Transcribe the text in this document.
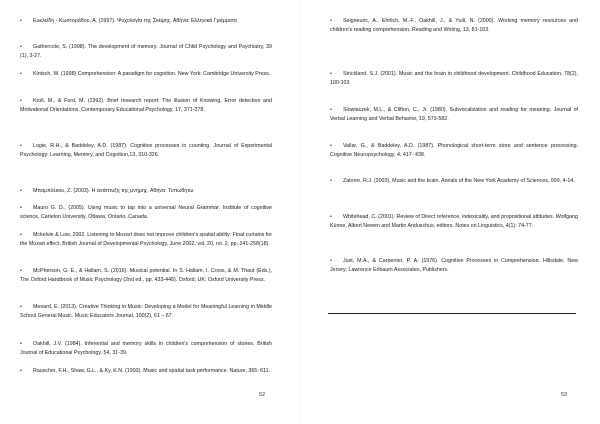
•	Ευκλείδη - Κωστοράδου, Α. (1997). Ψυχολογία της Σκέψης. Αθήνα: Ελληνικά Γράμματα
•	Gathercole, S. (1998). The development of memory. Journal of Child Psychology and Psychiatry, 39 (1), 3-27.
•	Kintsch, W. (1998) Comprehension: A paradigm for cognition. New York: Cambridge University Press.
•	Kroll, M., & Ford, M. (1992). Brief research report: The illusion of Knowing, Error detection and Motivational Orientations. Contemporary Educational Psychology, 17, 371-378.
•	Logie, R.H., & Baddeley, A.D. (1987). Cognitive processes in counting. Journal of Experimental Psychology: Learning, Memory, and Cognition,13, 310-326.
•	Μπαμπλέκου, Ζ. (2003). Η ανάπτυξη της μνήμης. Αθήνα: Τυπωθήτω
•	Mauro G. D., (2005). Using music to tap into a universal Neural Grammar. Institute of cognitive science, Carleton University, Ottawa, Ontario, Canada.
•	Mckelvie & Low, 2002. Listening to Mozart does not improve children's spatial ability: Final curtains for the Mozart effect. British Journal of Developmental Psychology, June 2002, vol. 20, no. 2, pp. 241-258(18).
•	McPherson, G. E., & Hallam, S. (2016). Musical potential. In S. Hallam, I. Cross, & M. Thaut (Eds.), The Oxford Handbook of Music Psychology (2nd ed., pp. 433-448). Oxford, UK: Oxford University Press.
•	Menard, E. (2013). Creative Thinking in Music: Developing a Model for Meaningful Learning in Middle School General Music. Music Educators Journal, 100(2), 61 – 67.
•	Oakhill, J.V. (1984). Inferential and memory skills in children's comprehension of stories. British Journal of Educational Psychology, 54, 31-39.
•	Rauscher, F.H., Shaw, G.L., & Ky, K.N. (1993). Music and spatial task performance. Nature, 365: 611.
52
•	Seigneuric, A., Ehrlich, M.-F., Oakhill, J., & Yuill, N. (2000). Working memory resources and children's reading comprehension. Reading and Writing, 13, 81-103.
•	Strickland, S.J. (2001). Music and the brain in childhood development. Childhood Education, 78(2), 100-103
•	Slowiaczek, M.L., & Clifton, C., Jr. (1980). Subvocalization and reading for meaning. Journal of Verbal Learning and Verbal Behavior, 19, 573-582.
•	Vallar, G., & Baddeley, A.D. (1987). Phonological short-term store and sentence processing. Cognitive Neuropsychology, 4, 417- 438.
•	Zatorre, R.J. (2003). Music and the brain. Annals of the New York Academy of Sciences, 999, 4-14.
•	Whitehead, C. (2001). Review of Direct reference, indexicality, and propositional attitudes. Wolfgang Künne, Albert Newen and Martin Anduschus, editors. Notes on Linguistics, 4(1): 74-77.
•	Just, M.A., & Carpenter, P. A. (1976). Cognitive Processes in Comprehension. Hillsdale, New Jersey: Lawrence Erlbaum Associates, Publishers.
53
